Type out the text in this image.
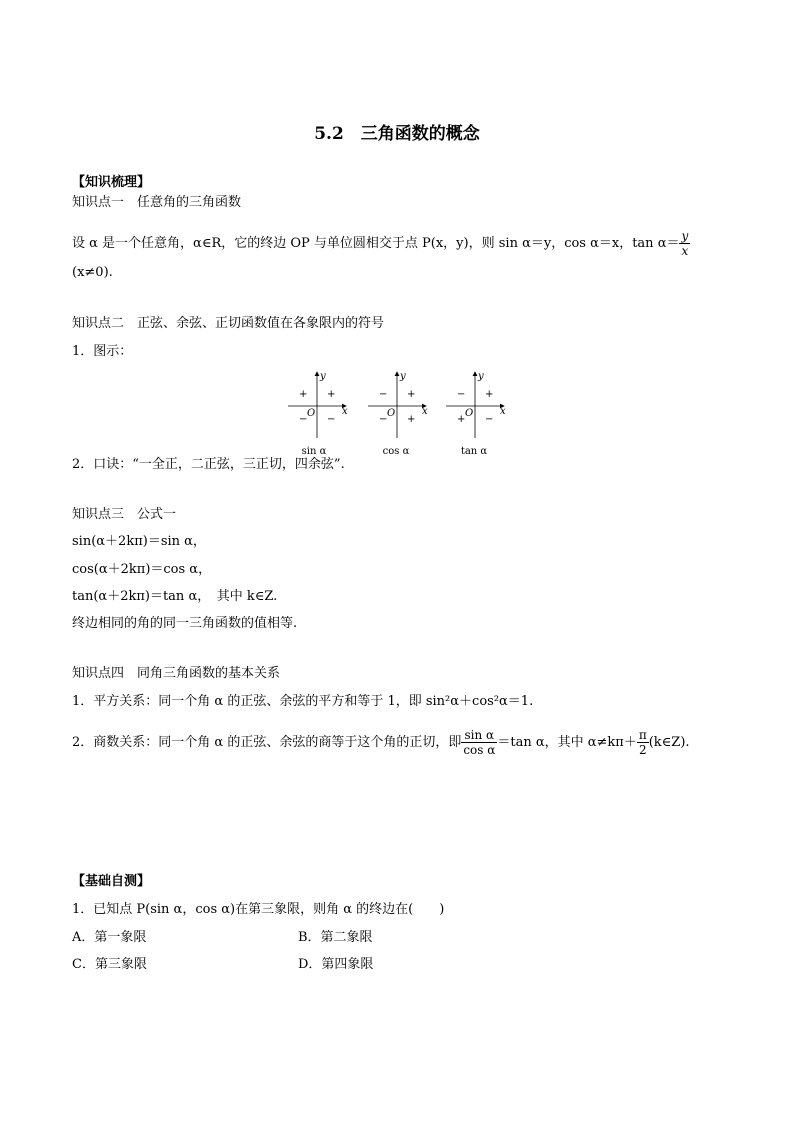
5.2　三角函数的概念
【知识梳理】
知识点一　任意角的三角函数
设 α 是一个任意角，α∈R，它的终边 OP 与单位圆相交于点 P(x，y)，则 sin α＝y，cos α＝x，$\tan \alpha= \frac{y}{x}$
(x≠0).
知识点二　正弦、余弦、正切函数值在各象限内的符号
1．图示：
+
+
− −
O	x
y
sin α
+
−
− +
O	x
y
cos α
+
−
+ −
O	x
y
tan α
2．口诀：“一全正，二正弦，三正切，四余弦”.
知识点三　公式一
sin(α＋2kπ)＝sin α，
cos(α＋2kπ)＝cos α，
tan(α＋2kπ)＝tan α，　其中 k∈Z.
终边相同的角的同一三角函数的值相等.
知识点四　同角三角函数的基本关系
1．平方关系：同一个角 α 的正弦、余弦的平方和等于 1，即 sin²α＋cos²α＝1.
2．商数关系：同一个角 α 的正弦、余弦的商等于这个角的正切，即 $\frac{\text{sin α}}{\text{cos α}} =\tan$ α，其中 $\alpha\ne k\pi+ \frac{\pi}{2}$ (k∈Z).
【基础自测】
1．已知点 P(sin α，cos α)在第三象限，则角 α 的终边在(　　)
A．第一象限	B．第二象限
C．第三象限	D．第四象限
